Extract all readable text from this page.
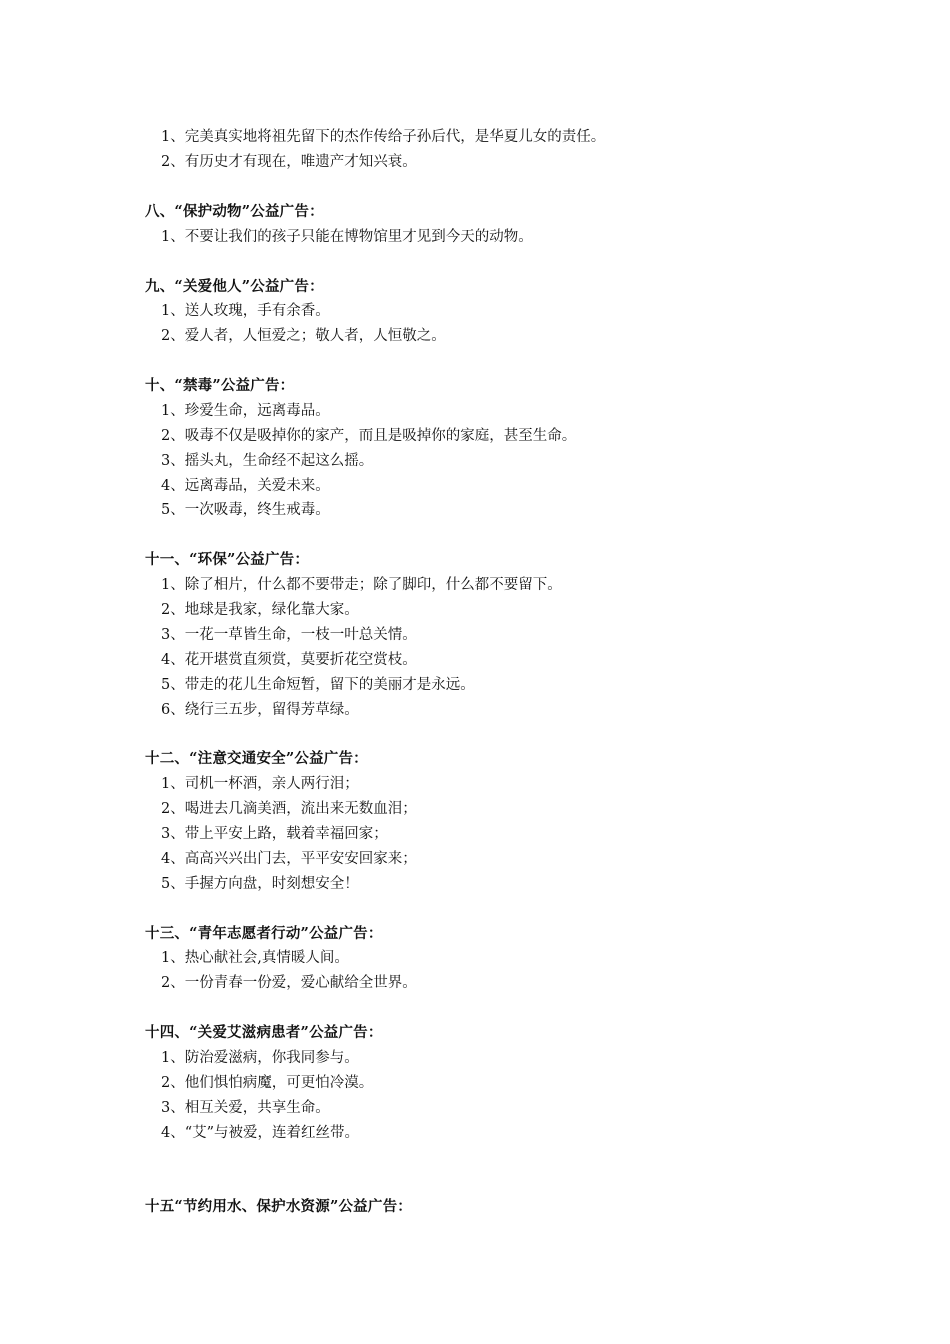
1、完美真实地将祖先留下的杰作传给子孙后代，是华夏儿女的责任。
2、有历史才有现在，唯遗产才知兴衰。
八、“保护动物”公益广告：
1、不要让我们的孩子只能在博物馆里才见到今天的动物。
九、“关爱他人”公益广告：
1、送人玫瑰，手有余香。
2、爱人者，人恒爱之；敬人者，人恒敬之。
十、“禁毒”公益广告：
1、珍爱生命，远离毒品。
2、吸毒不仅是吸掉你的家产，而且是吸掉你的家庭，甚至生命。
3、摇头丸，生命经不起这么摇。
4、远离毒品，关爱未来。
5、一次吸毒，终生戒毒。
十一、“环保”公益广告：
1、除了相片，什么都不要带走；除了脚印，什么都不要留下。
2、地球是我家，绿化靠大家。
3、一花一草皆生命，一枝一叶总关情。
4、花开堪赏直须赏，莫要折花空赏枝。
5、带走的花儿生命短暂，留下的美丽才是永远。
6、绕行三五步，留得芳草绿。
十二、“注意交通安全”公益广告：
1、司机一杯酒，亲人两行泪；
2、喝进去几滴美酒，流出来无数血泪；
3、带上平安上路，载着幸福回家；
4、高高兴兴出门去，平平安安回家来；
5、手握方向盘，时刻想安全！
十三、“青年志愿者行动”公益广告：
1、热心献社会,真情暖人间。
2、一份青春一份爱，爱心献给全世界。
十四、“关爱艾滋病患者”公益广告：
1、防治爱滋病，你我同参与。
2、他们惧怕病魔，可更怕冷漠。
3、相互关爱，共享生命。
4、“艾”与被爱，连着红丝带。
十五“节约用水、保护水资源”公益广告：
